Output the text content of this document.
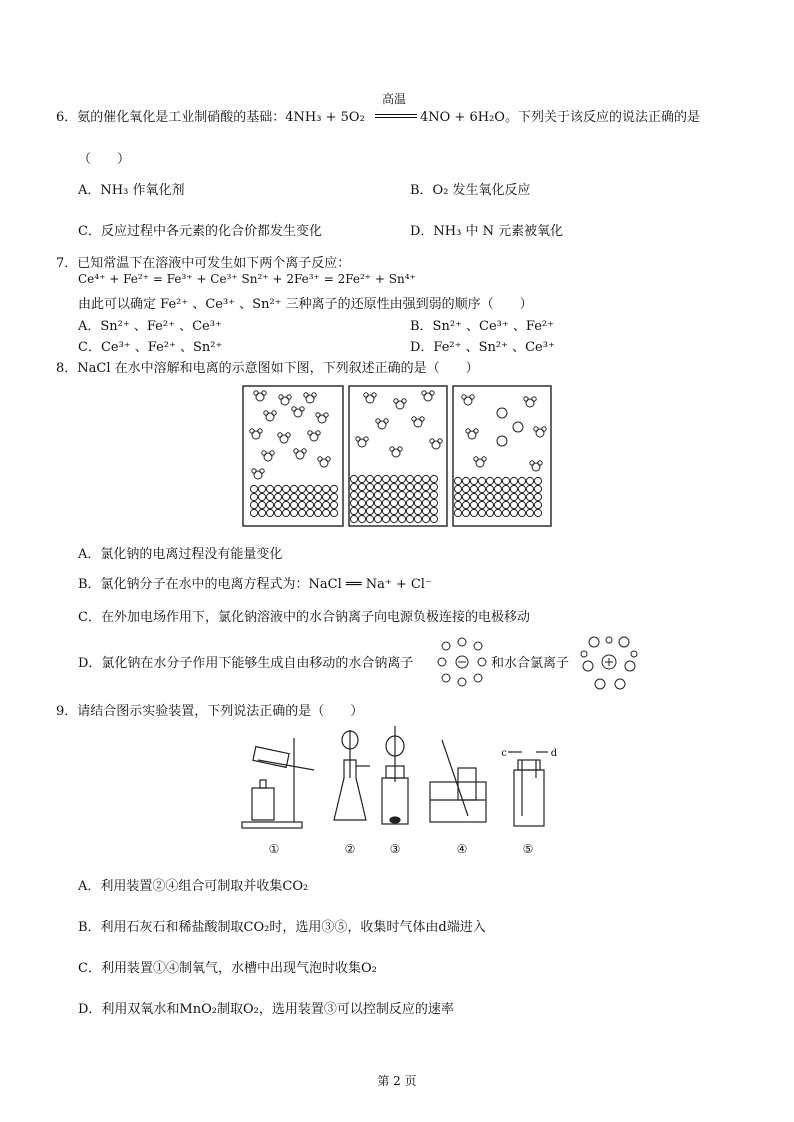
6．氨的催化氧化是工业制硝酸的基础：4NH₃ + 5O₂
高温
4NO + 6H₂O。下列关于该反应的说法正确的是
（　　）
A．NH₃ 作氧化剂	B．O₂ 发生氧化反应
C．反应过程中各元素的化合价都发生变化	D．NH₃ 中 N 元素被氧化
7．已知常温下在溶液中可发生如下两个离子反应：
Ce⁴⁺ + Fe²⁺ = Fe³⁺ + Ce³⁺ Sn²⁺ + 2Fe³⁺ = 2Fe²⁺ + Sn⁴⁺
由此可以确定 Fe²⁺ 、Ce³⁺ 、Sn²⁺ 三种离子的还原性由强到弱的顺序（　　）
A．Sn²⁺ 、Fe²⁺ 、Ce³⁺	B．Sn²⁺ 、Ce³⁺ 、Fe²⁺
C．Ce³⁺ 、Fe²⁺ 、Sn²⁺	D．Fe²⁺ 、Sn²⁺ 、Ce³⁺
8．NaCl 在水中溶解和电离的示意图如下图，下列叙述正确的是（　　）
A．氯化钠的电离过程没有能量变化
B．氯化钠分子在水中的电离方程式为：NaCl ══ Na⁺ + Cl⁻
C．在外加电场作用下，氯化钠溶液中的水合钠离子向电源负极连接的电极移动
D．氯化钠在水分子作用下能够生成自由移动的水合钠离子	和水合氯离子
9．请结合图示实验装置，下列说法正确的是（　　）
①	②	③	④	⑤
c	d
A．利用装置②④组合可制取并收集CO₂
B．利用石灰石和稀盐酸制取CO₂时，选用③⑤，收集时气体由d端进入
C．利用装置①④制氧气，水槽中出现气泡时收集O₂
D．利用双氧水和MnO₂制取O₂，选用装置③可以控制反应的速率
第 2 页
